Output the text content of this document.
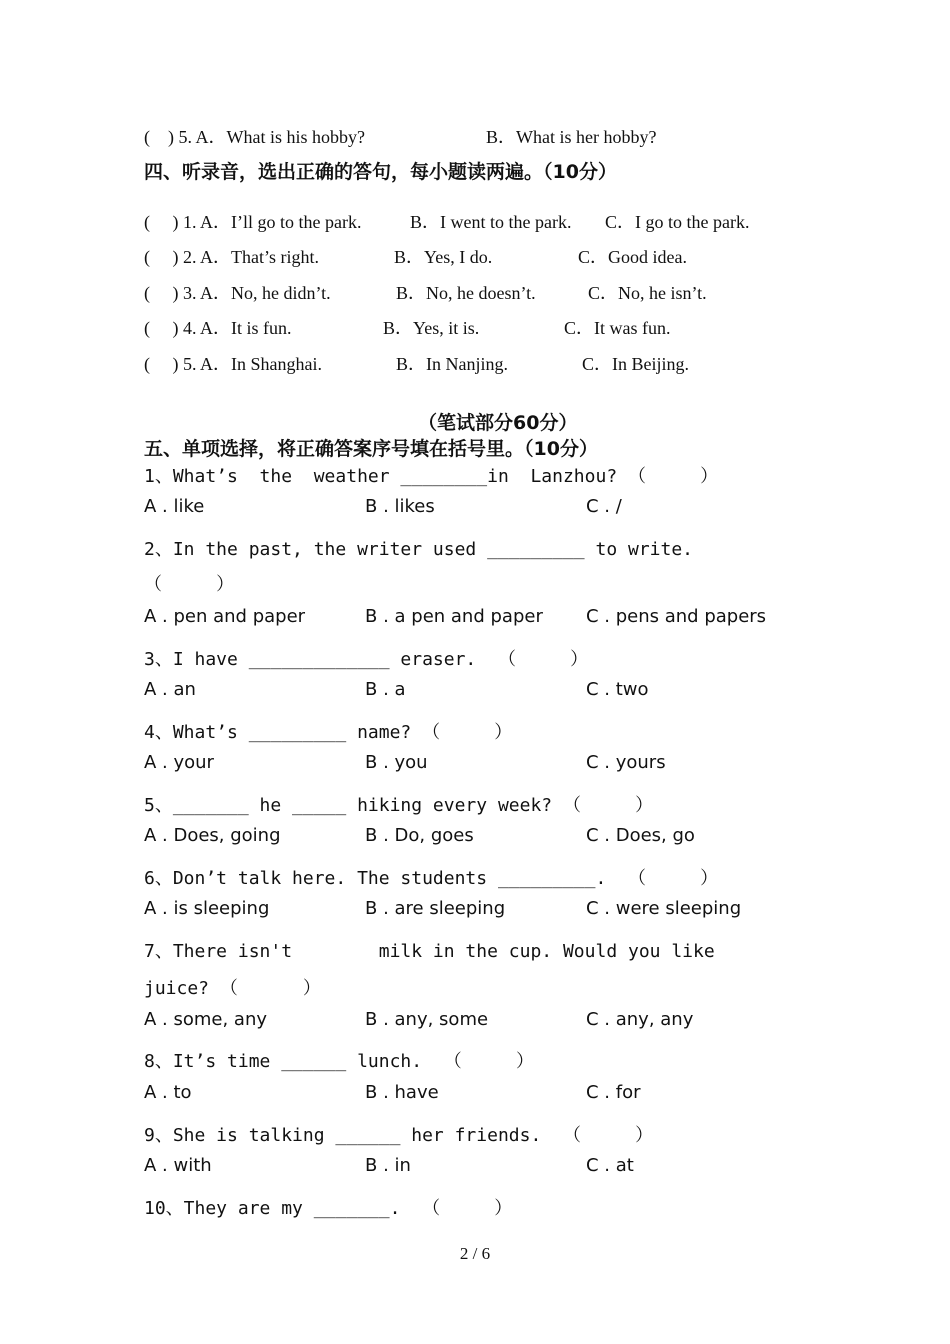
(    ) 5. A．What is his hobby?	B．What is her hobby?
四、听录音，选出正确的答句，每小题读两遍。（10分）
(     ) 1. A．I’ll go to the park.	B．I went to the park. C．I go to the park.
(     ) 2. A．That’s right.	B．Yes, I do.	C．Good idea.
(     ) 3. A．No, he didn’t.	B．No, he doesn’t.	C．No, he isn’t.
(     ) 4. A．It is fun.	B．Yes, it is.	C．It was fun.
(     ) 5. A．In Shanghai.	B．In Nanjing.	C．In Beijing.
（笔试部分60分）
五、单项选择，将正确答案序号填在括号里。（10分）
1、What’s  the  weather ________in  Lanzhou? （     ）
A . like	B . likes	C . /
2、In the past, the writer used _________ to write.
（     ）
A . pen and paper	B . a pen and paper C . pens and papers
3、I have _____________ eraser.  （     ）
A . an	B . a	C . two
4、What’s _________ name? （     ）
A . your	B . you	C . yours
5、_______ he _____ hiking every week? （     ）
A . Does, going	B . Do, goes	C . Does, go
6、Don’t talk here. The students _________.  （     ）
A . is sleeping	B . are sleeping	C . were sleeping
7、There isn't        milk in the cup. Would you like
juice? （      ）
A . some, any	B . any, some	C . any, any
8、It’s time ______ lunch.  （     ）
A . to	B . have	C . for
9、She is talking ______ her friends.  （     ）
A . with	B . in	C . at
10、They are my _______.  （     ）
2 / 6
